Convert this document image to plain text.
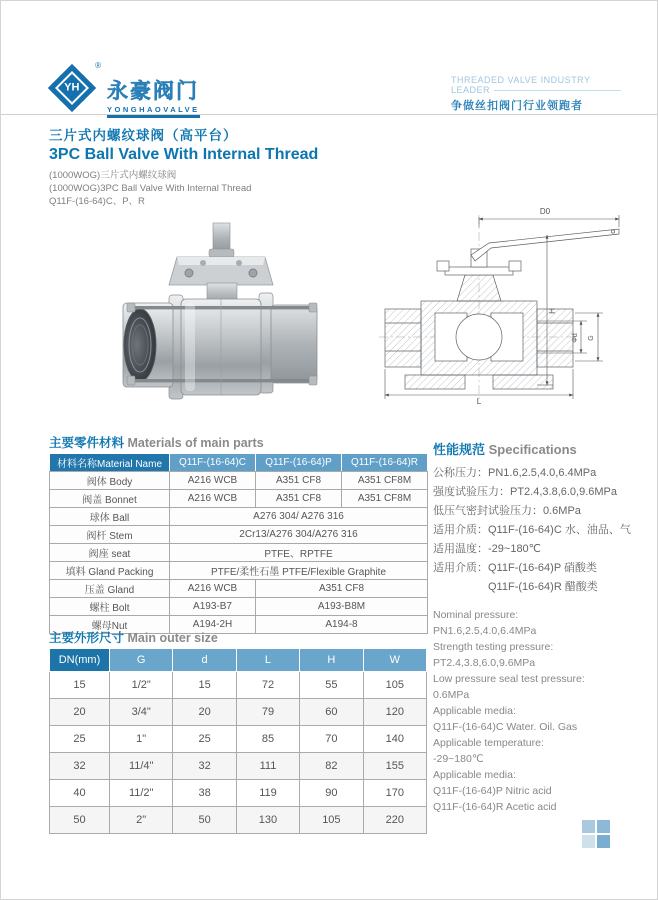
YH
®
永豪阀门
YONGHAOVALVE
THREADED VALVE INDUSTRY
LEADER
争做丝扣阀门行业领跑者
三片式内螺纹球阀（高平台）
3PC Ball Valve With Internal Thread
(1000WOG)三片式内螺纹球阀
(1000WOG)3PC Ball Valve With Internal Thread
Q11F-(16-64)C、P、R
D0
H
Φd G
L
主要零件材料 Materials of main parts
材料名称Material Name	Q11F-(16-64)C	Q11F-(16-64)P	Q11F-(16-64)R
阀体 Body	A216 WCB	A351 CF8	A351 CF8M
阀盖 Bonnet	A216 WCB	A351 CF8	A351 CF8M
球体 Ball	A276 304/ A276 316		
阀杆 Stem	2Cr13/A276 304/A276 316		
阀座 seat	PTFE、RPTFE		
填料 Gland Packing	PTFE/柔性石墨 PTFE/Flexible Graphite		
压盖 Gland	A216 WCB	A351 CF8	
螺柱 Bolt	A193-B7	A193-B8M	
螺母Nut	A194-2H	A194-8	
性能规范 Specifications
公称压力：PN1.6,2.5,4.0,6.4MPa
强度试验压力：PT2.4,3.8,6.0,9.6MPa
低压气密封试验压力：0.6MPa
适用介质：Q11F-(16-64)C 水、油品、气
适用温度：-29~180℃
适用介质：Q11F-(16-64)P 硝酸类
　　　　　Q11F-(16-64)R 醋酸类
Nominal pressure:
PN1.6,2.5,4.0,6.4MPa
Strength testing pressure:
PT2.4,3.8,6.0,9.6MPa
Low pressure seal test pressure:
0.6MPa
Applicable media:
Q11F-(16-64)C Water. Oil. Gas
Applicable temperature:
-29~180℃
Applicable media:
Q11F-(16-64)P Nitric acid
Q11F-(16-64)R Acetic acid
主要外形尺寸 Main outer size
DN(mm)	G	d	L	H	W
15	1/2"	15	72	55	105
20	3/4"	20	79	60	120
25	1"	25	85	70	140
32	11/4"	32	111	82	155
40	11/2"	38	119	90	170
50	2"	50	130	105	220
